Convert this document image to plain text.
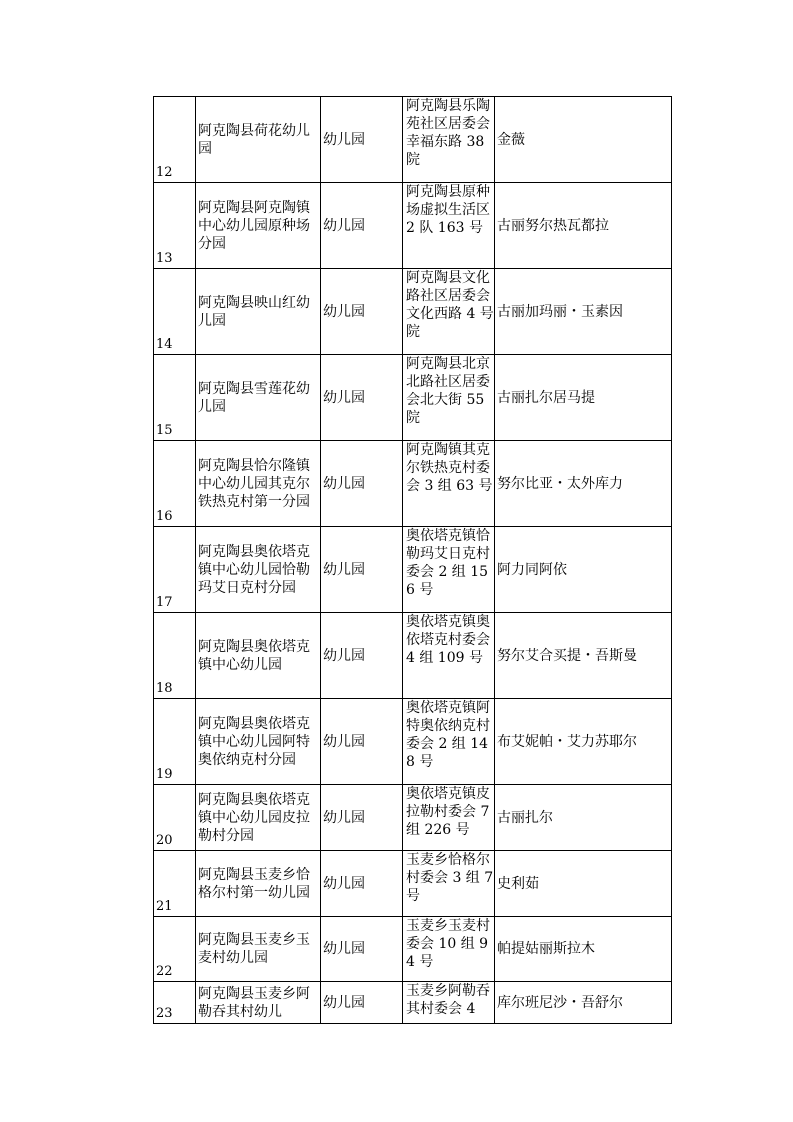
12	阿克陶县荷花幼儿园	幼儿园	阿克陶县乐陶苑社区居委会幸福东路 38 院	金薇
13	阿克陶县阿克陶镇中心幼儿园原种场分园	幼儿园	阿克陶县原种场虚拟生活区 2 队 163 号	古丽努尔热瓦都拉
14	阿克陶县映山红幼儿园	幼儿园	阿克陶县文化路社区居委会文化西路 4 号院	古丽加玛丽・玉素因
15	阿克陶县雪莲花幼儿园	幼儿园	阿克陶县北京北路社区居委会北大街 55 院	古丽扎尔居马提
16	阿克陶县恰尔隆镇中心幼儿园其克尔铁热克村第一分园	幼儿园	阿克陶镇其克尔铁热克村委会 3 组 63 号	努尔比亚・太外库力
17	阿克陶县奥依塔克镇中心幼儿园恰勒玛艾日克村分园	幼儿园	奥依塔克镇恰勒玛艾日克村委会 2 组 156 号	阿力同阿依
18	阿克陶县奥依塔克镇中心幼儿园	幼儿园	奥依塔克镇奥依塔克村委会 4 组 109 号	努尔艾合买提・吾斯曼
19	阿克陶县奥依塔克镇中心幼儿园阿特奥依纳克村分园	幼儿园	奥依塔克镇阿特奥依纳克村委会 2 组 148 号	布艾妮帕・艾力苏耶尔
20	阿克陶县奥依塔克镇中心幼儿园皮拉勒村分园	幼儿园	奥依塔克镇皮拉勒村委会 7 组 226 号	古丽扎尔
21	阿克陶县玉麦乡恰格尔村第一幼儿园	幼儿园	玉麦乡恰格尔村委会 3 组 7 号	史利茹
22	阿克陶县玉麦乡玉麦村幼儿园	幼儿园	玉麦乡玉麦村委会 10 组 94 号	帕提姑丽斯拉木
23	阿克陶县玉麦乡阿勒吞其村幼儿	幼儿园	玉麦乡阿勒吞其村委会 4	库尔班尼沙・吾舒尔
